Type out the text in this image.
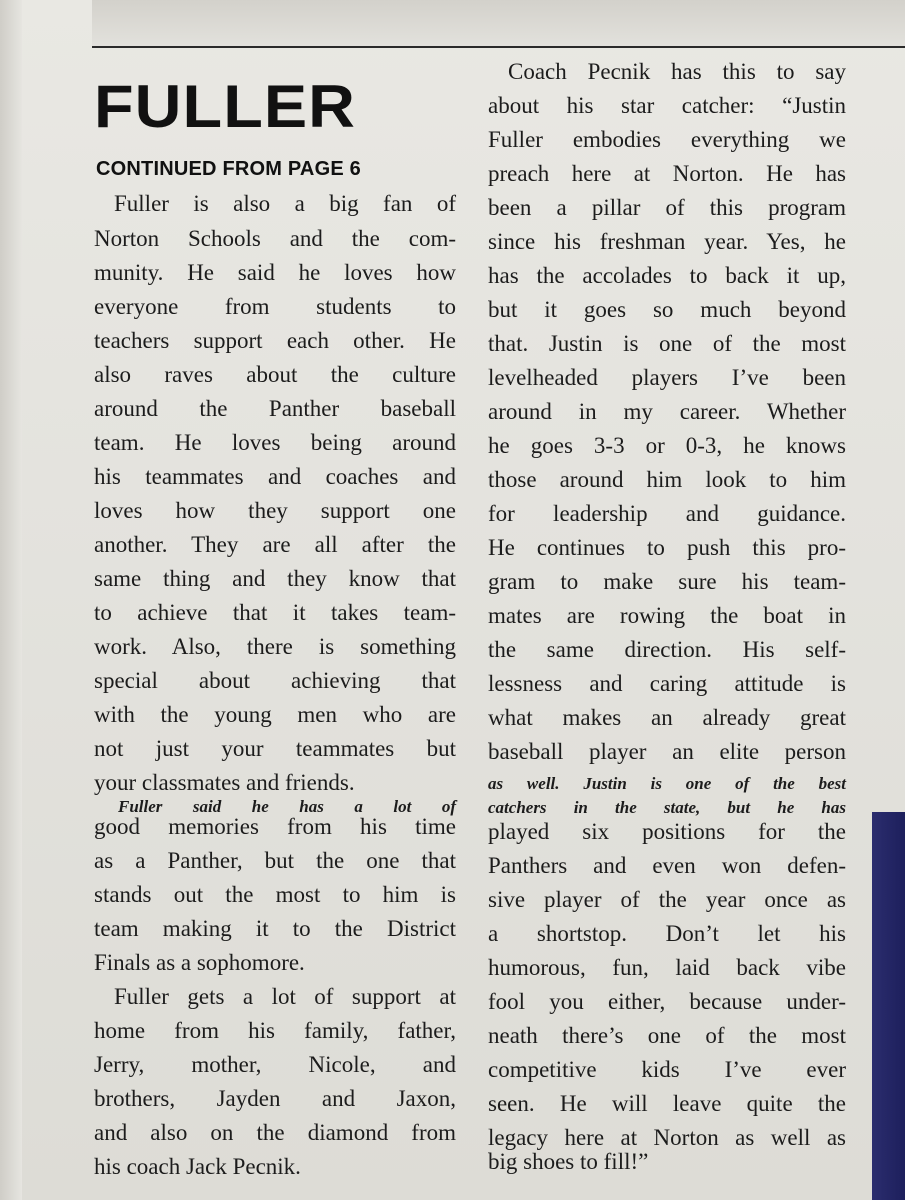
FULLER
CONTINUED FROM PAGE 6
Fuller is also a big fan of
Norton Schools and the com-
munity. He said he loves how
everyone from students to
teachers support each other. He
also raves about the culture
around the Panther baseball
team. He loves being around
his teammates and coaches and
loves how they support one
another. They are all after the
same thing and they know that
to achieve that it takes team-
work. Also, there is something
special about achieving that
with the young men who are
not just your teammates but
your classmates and friends.
Fuller said he has a lot of
good memories from his time
as a Panther, but the one that
stands out the most to him is
team making it to the District
Finals as a sophomore.
Fuller gets a lot of support at
home from his family, father,
Jerry, mother, Nicole, and
brothers, Jayden and Jaxon,
and also on the diamond from
his coach Jack Pecnik.
Coach Pecnik has this to say
about his star catcher: “Justin
Fuller embodies everything we
preach here at Norton. He has
been a pillar of this program
since his freshman year. Yes, he
has the accolades to back it up,
but it goes so much beyond
that. Justin is one of the most
levelheaded players I’ve been
around in my career. Whether
he goes 3-3 or 0-3, he knows
those around him look to him
for leadership and guidance.
He continues to push this pro-
gram to make sure his team-
mates are rowing the boat in
the same direction. His self-
lessness and caring attitude is
what makes an already great
baseball player an elite person
as well. Justin is one of the best
catchers in the state, but he has
played six positions for the
Panthers and even won defen-
sive player of the year once as
a shortstop. Don’t let his
humorous, fun, laid back vibe
fool you either, because under-
neath there’s one of the most
competitive kids I’ve ever
seen. He will leave quite the
legacy here at Norton as well as
big shoes to fill!”
